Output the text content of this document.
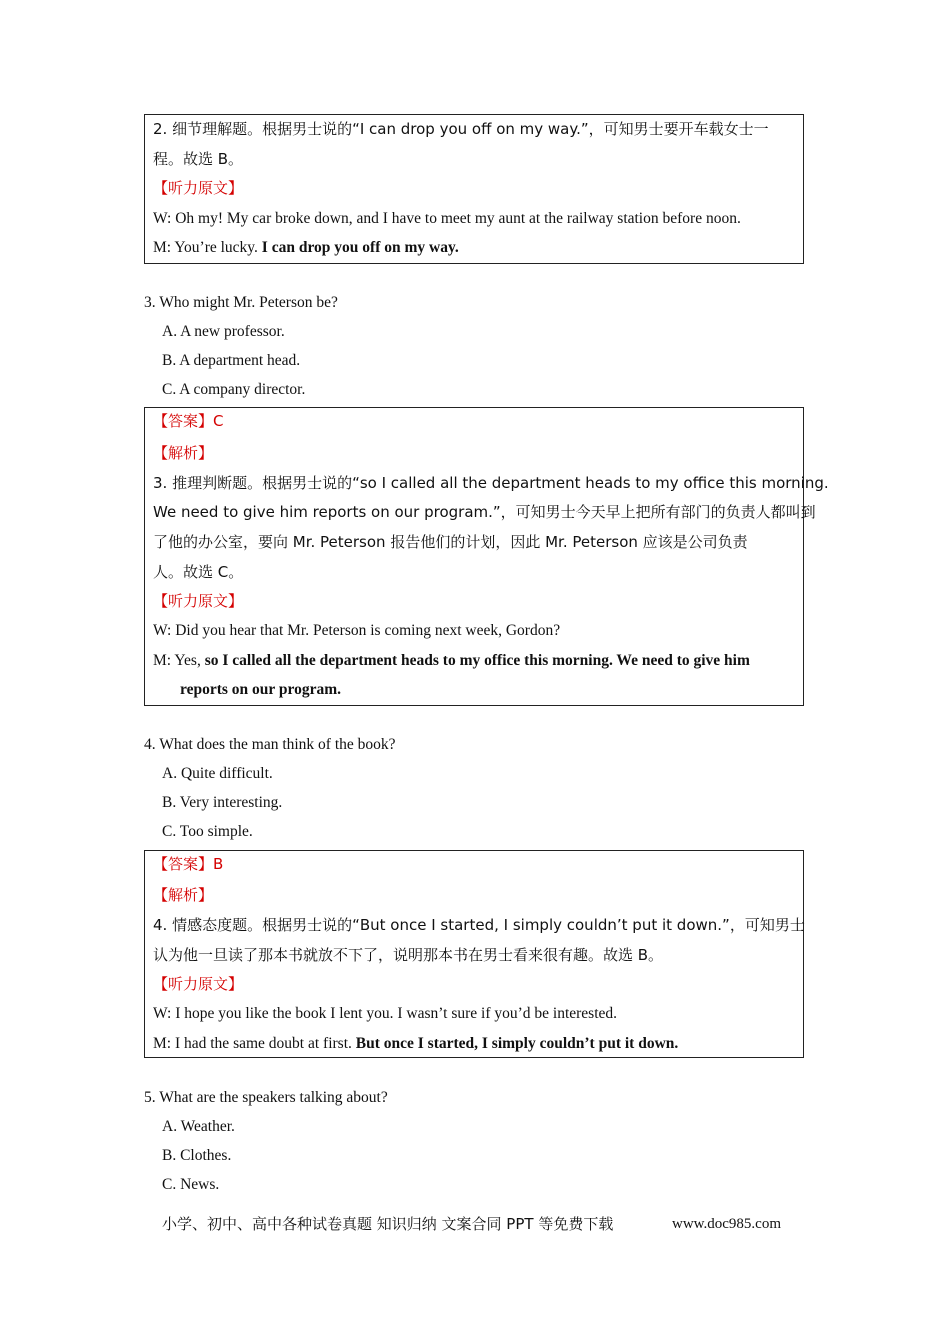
2. 细节理解题。根据男士说的“I can drop you off on my way.”，可知男士要开车载女士一
程。故选 B。
【听力原文】
W: Oh my! My car broke down, and I have to meet my aunt at the railway station before noon.
M: You’re lucky. I can drop you off on my way.
3. Who might Mr. Peterson be?
A. A new professor.
B. A department head.
C. A company director.
【答案】C
【解析】
3. 推理判断题。根据男士说的“so I called all the department heads to my office this morning.
We need to give him reports on our program.”，可知男士今天早上把所有部门的负责人都叫到
了他的办公室，要向 Mr. Peterson 报告他们的计划，因此 Mr. Peterson 应该是公司负责
人。故选 C。
【听力原文】
W: Did you hear that Mr. Peterson is coming next week, Gordon?
M: Yes, so I called all the department heads to my office this morning. We need to give him
reports on our program.
4. What does the man think of the book?
A. Quite difficult.
B. Very interesting.
C. Too simple.
【答案】B
【解析】
4. 情感态度题。根据男士说的“But once I started, I simply couldn’t put it down.”，可知男士
认为他一旦读了那本书就放不下了，说明那本书在男士看来很有趣。故选 B。
【听力原文】
W: I hope you like the book I lent you. I wasn’t sure if you’d be interested.
M: I had the same doubt at first. But once I started, I simply couldn’t put it down.
5. What are the speakers talking about?
A. Weather.
B. Clothes.
C. News.
小学、初中、高中各种试卷真题 知识归纳 文案合同 PPT 等免费下载	www.doc985.com
